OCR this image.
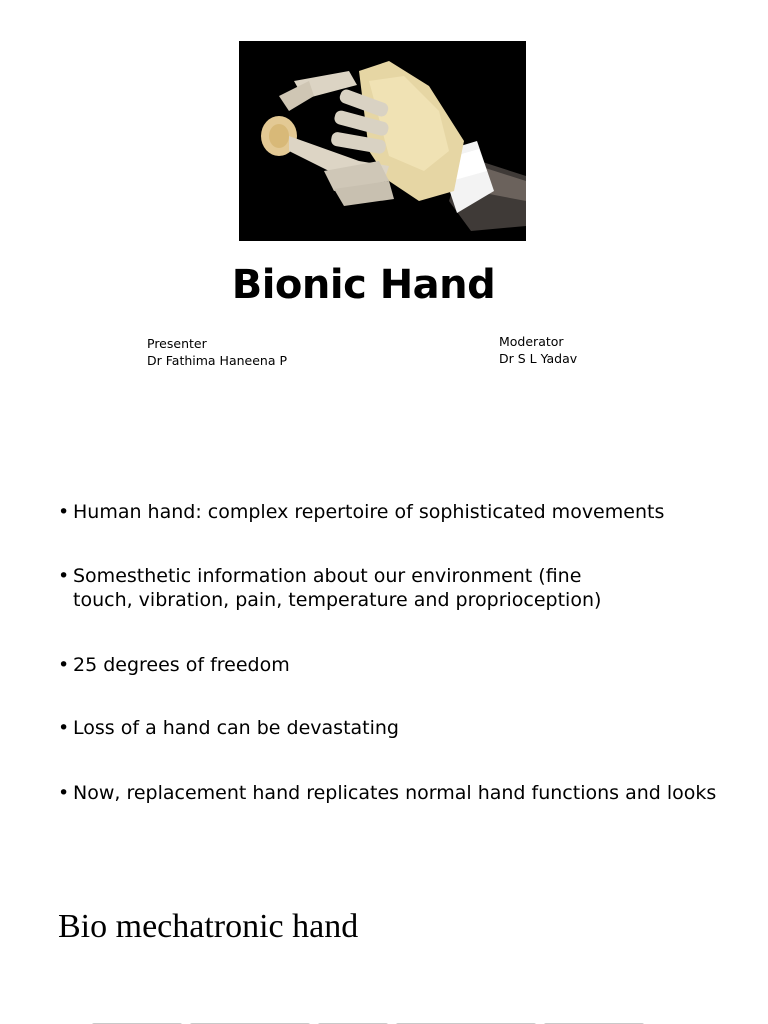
Bionic Hand
Presenter
Dr Fathima Haneena P
Moderator
Dr S L Yadav
• Human hand: complex repertoire of sophisticated movements
• Somesthetic information about our environment (fine touch, vibration, pain, temperature and proprioception)
• 25 degrees of freedom
• Loss of a hand can be devastating
• Now, replacement hand replicates normal hand functions and looks
Bio mechatronic hand
